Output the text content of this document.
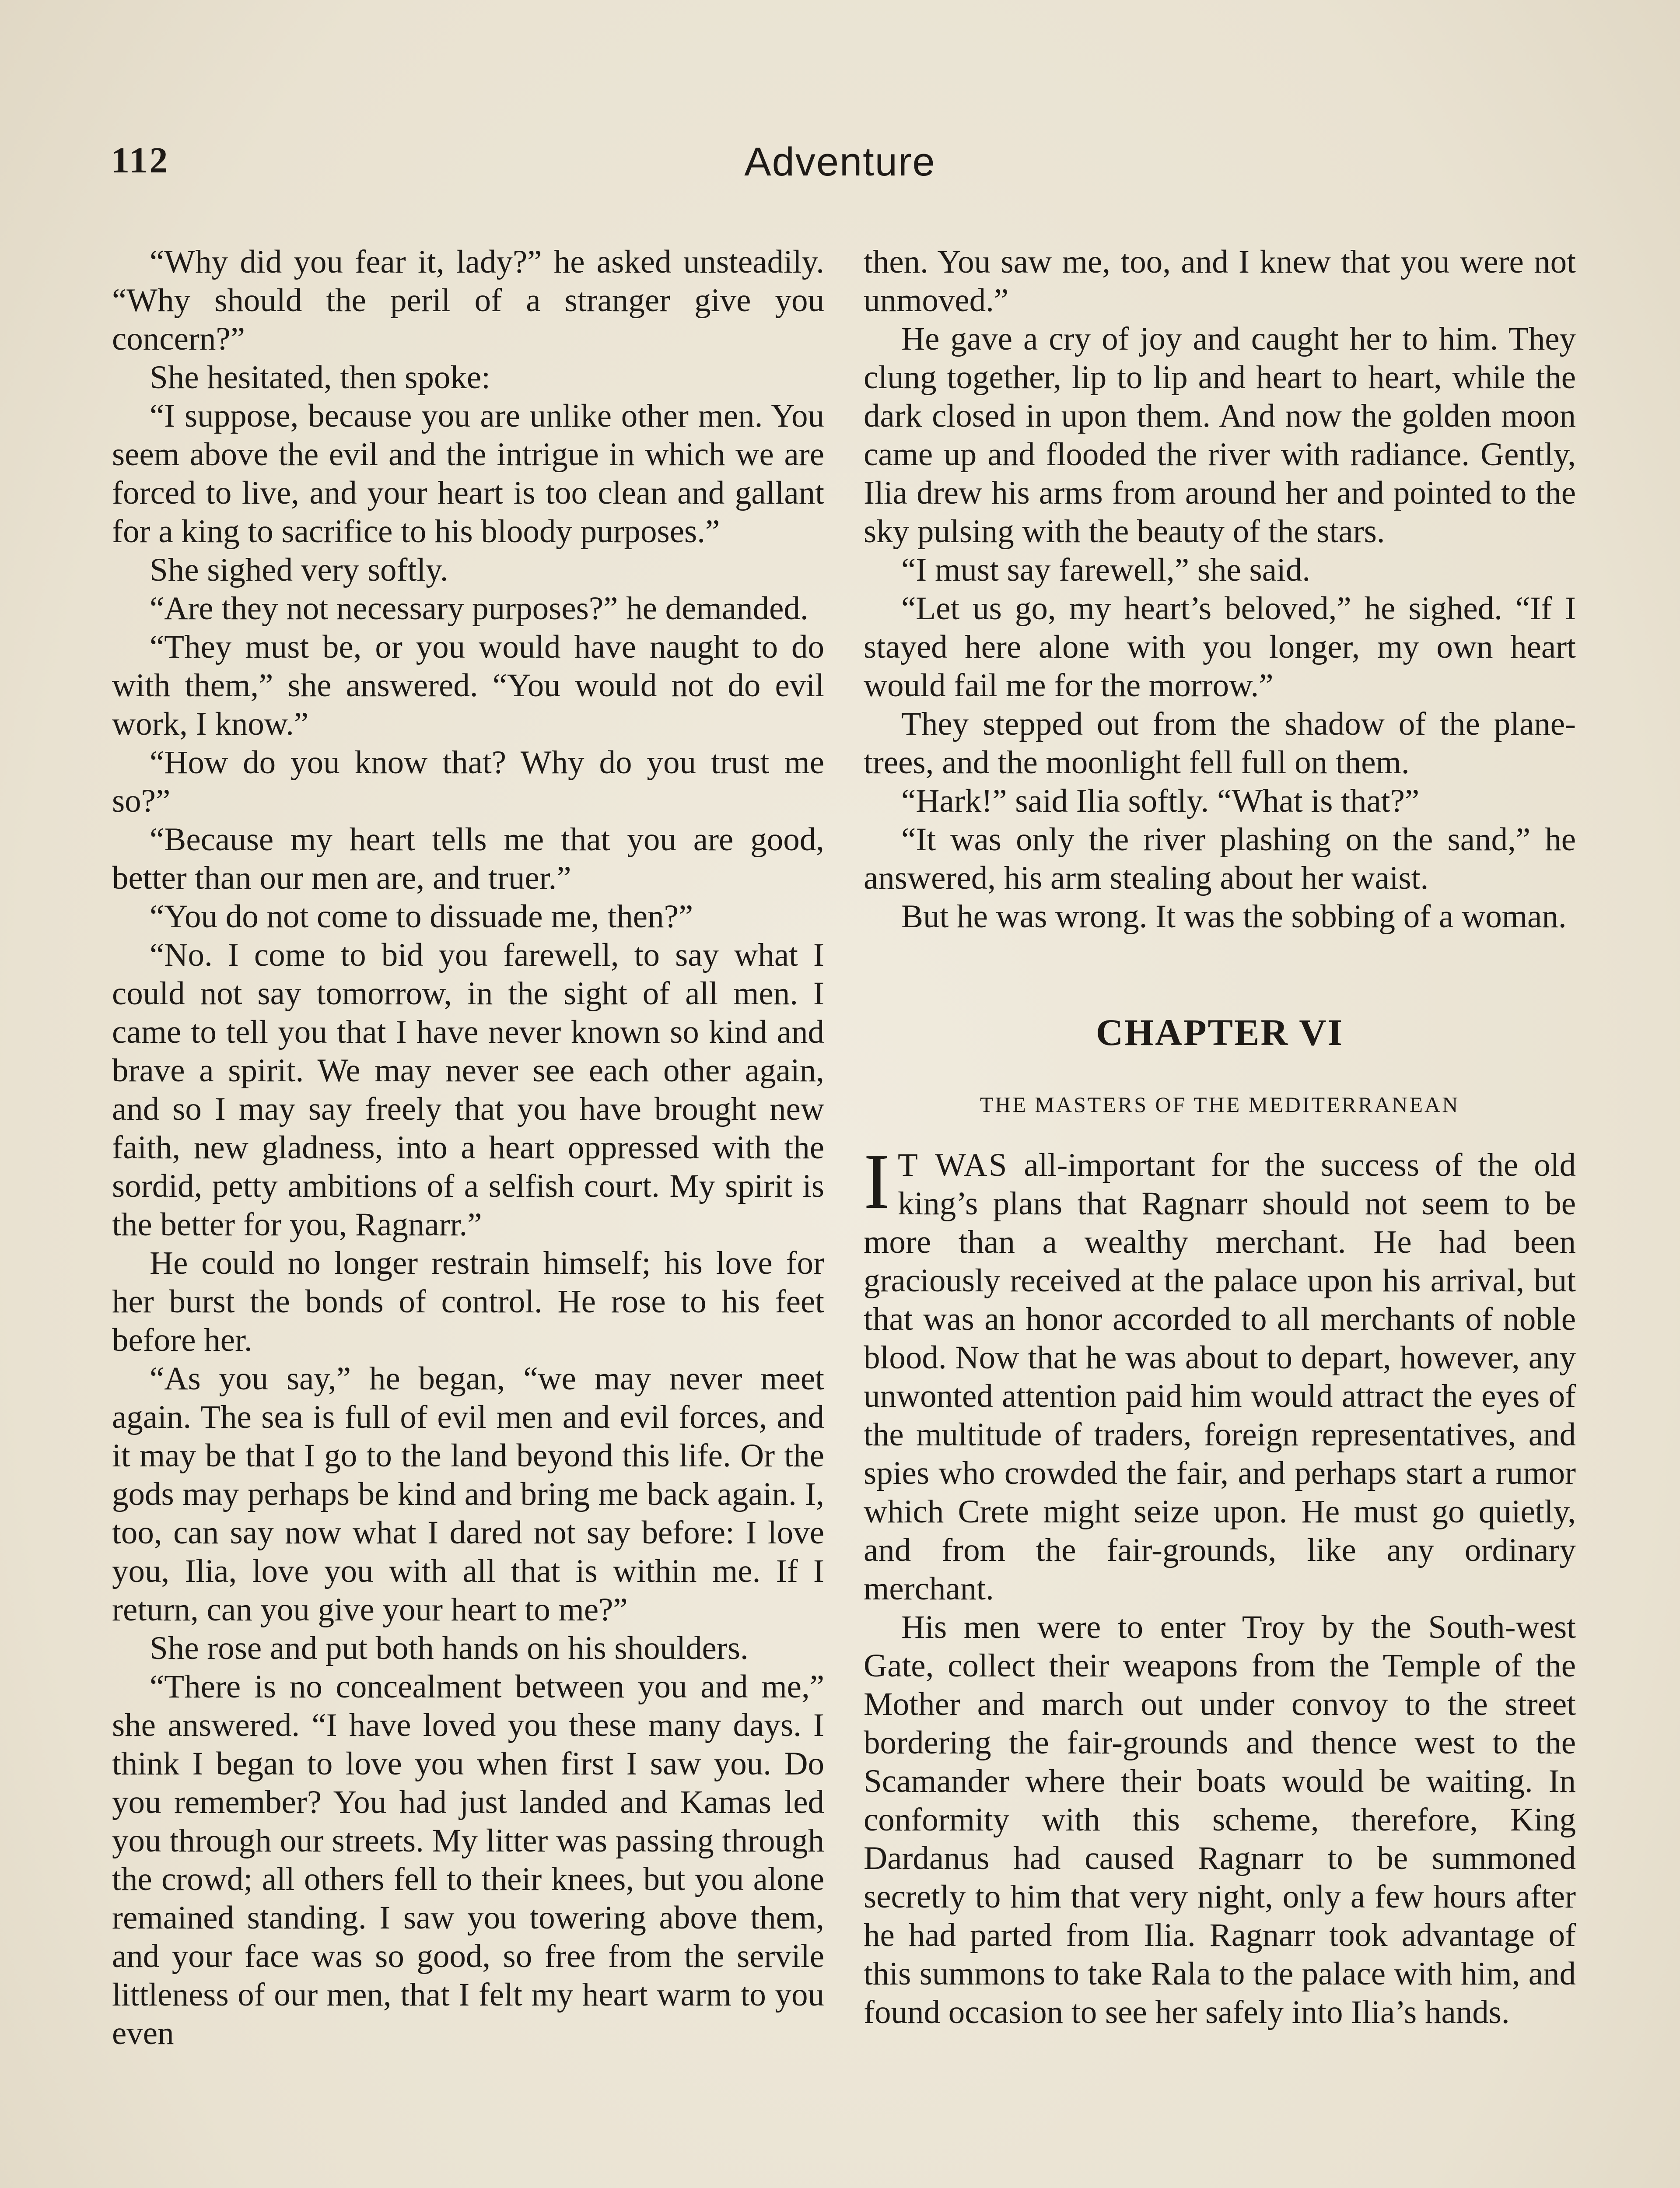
112	Adventure

“Why did you fear it, lady?” he asked unsteadily. “Why should the peril of a stranger give you concern?”

She hesitated, then spoke:

“I suppose, because you are unlike other men. You seem above the evil and the intrigue in which we are forced to live, and your heart is too clean and gallant for a king to sacrifice to his bloody purposes.”

She sighed very softly.

“Are they not necessary purposes?” he demanded.

“They must be, or you would have naught to do with them,” she answered. “You would not do evil work, I know.”

“How do you know that? Why do you trust me so?”

“Because my heart tells me that you are good, better than our men are, and truer.”

“You do not come to dissuade me, then?”

“No. I come to bid you farewell, to say what I could not say tomorrow, in the sight of all men. I came to tell you that I have never known so kind and brave a spirit. We may never see each other again, and so I may say freely that you have brought new faith, new gladness, into a heart oppressed with the sordid, petty ambitions of a selfish court. My spirit is the better for you, Ragnarr.”

He could no longer restrain himself; his love for her burst the bonds of control. He rose to his feet before her.

“As you say,” he began, “we may never meet again. The sea is full of evil men and evil forces, and it may be that I go to the land beyond this life. Or the gods may perhaps be kind and bring me back again. I, too, can say now what I dared not say before: I love you, Ilia, love you with all that is within me. If I return, can you give your heart to me?”

She rose and put both hands on his shoulders.

“There is no concealment between you and me,” she answered. “I have loved you these many days. I think I began to love you when first I saw you. Do you remember? You had just landed and Kamas led you through our streets. My litter was passing through the crowd; all others fell to their knees, but you alone remained standing. I saw you towering above them, and your face was so good, so free from the servile littleness of our men, that I felt my heart warm to you even

then. You saw me, too, and I knew that you were not unmoved.”

He gave a cry of joy and caught her to him. They clung together, lip to lip and heart to heart, while the dark closed in upon them. And now the golden moon came up and flooded the river with radiance. Gently, Ilia drew his arms from around her and pointed to the sky pulsing with the beauty of the stars.

“I must say farewell,” she said.

“Let us go, my heart’s beloved,” he sighed. “If I stayed here alone with you longer, my own heart would fail me for the morrow.”

They stepped out from the shadow of the plane-trees, and the moonlight fell full on them.

“Hark!” said Ilia softly. “What is that?”

“It was only the river plashing on the sand,” he answered, his arm stealing about her waist.

But he was wrong. It was the sobbing of a woman.

CHAPTER VI
THE MASTERS OF THE MEDITERRANEAN

I T WAS all-important for the success of the old king’s plans that Ragnarr should not seem to be more than a wealthy merchant. He had been graciously received at the palace upon his arrival, but that was an honor accorded to all merchants of noble blood. Now that he was about to depart, however, any unwonted attention paid him would attract the eyes of the multitude of traders, foreign representatives, and spies who crowded the fair, and perhaps start a rumor which Crete might seize upon. He must go quietly, and from the fair-grounds, like any ordinary merchant.

His men were to enter Troy by the South-west Gate, collect their weapons from the Temple of the Mother and march out under convoy to the street bordering the fair-grounds and thence west to the Scamander where their boats would be waiting. In conformity with this scheme, therefore, King Dardanus had caused Ragnarr to be summoned secretly to him that very night, only a few hours after he had parted from Ilia. Ragnarr took advantage of this summons to take Rala to the palace with him, and found occasion to see her safely into Ilia’s hands.
